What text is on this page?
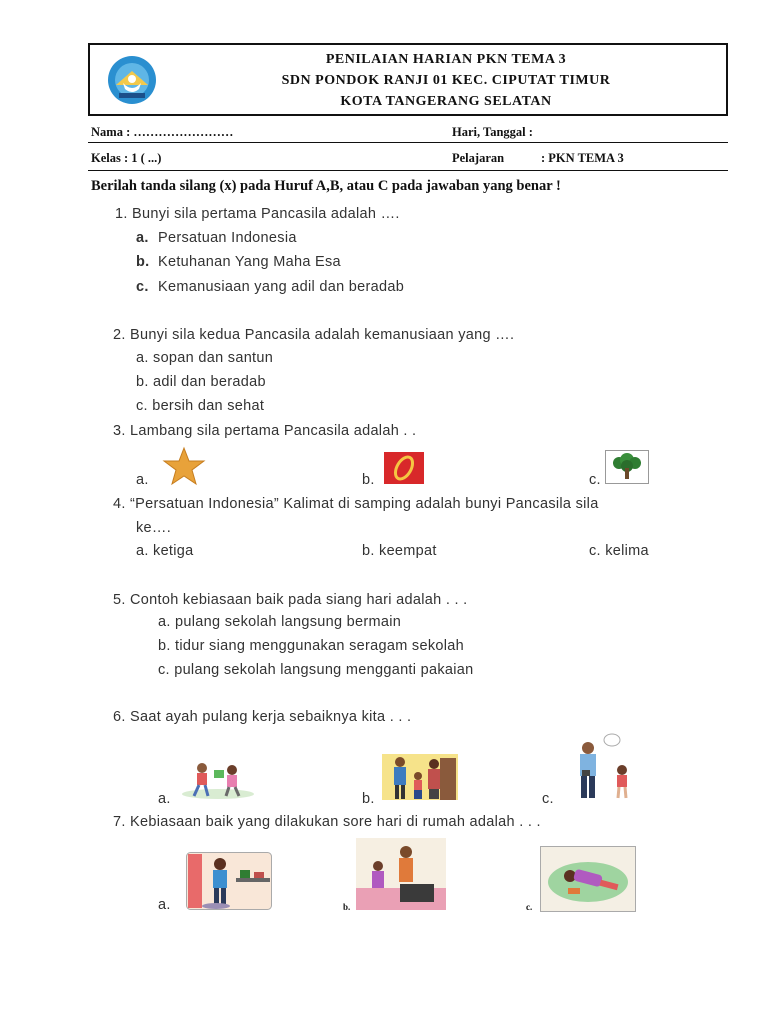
PENILAIAN HARIAN PKN TEMA 3
SDN PONDOK RANJI 01 KEC. CIPUTAT TIMUR
KOTA TANGERANG SELATAN
Nama : ……………………	Hari, Tanggal :
Kelas : 1 ( ...)	Pelajaran	: PKN TEMA 3
Berilah tanda silang (x) pada Huruf A,B, atau C pada jawaban yang benar !
1. Bunyi sila pertama Pancasila adalah ….
a. Persatuan Indonesia
b. Ketuhanan Yang Maha Esa
c. Kemanusiaan yang adil dan beradab
2. Bunyi sila kedua Pancasila adalah kemanusiaan yang ….
a. sopan dan santun
b. adil dan beradab
c. bersih dan sehat
3. Lambang sila pertama Pancasila adalah . .
a.	b.	c.
4. “Persatuan Indonesia” Kalimat di samping adalah bunyi Pancasila sila
ke….
a. ketiga	b. keempat	c. kelima
5. Contoh kebiasaan baik pada siang hari adalah . . .
a. pulang sekolah langsung bermain
b. tidur siang menggunakan seragam sekolah
c. pulang sekolah langsung mengganti pakaian
6. Saat ayah pulang kerja sebaiknya kita . . .
a.	b.	c.
7. Kebiasaan baik yang dilakukan sore hari di rumah adalah . . .
a.	b.	c.
